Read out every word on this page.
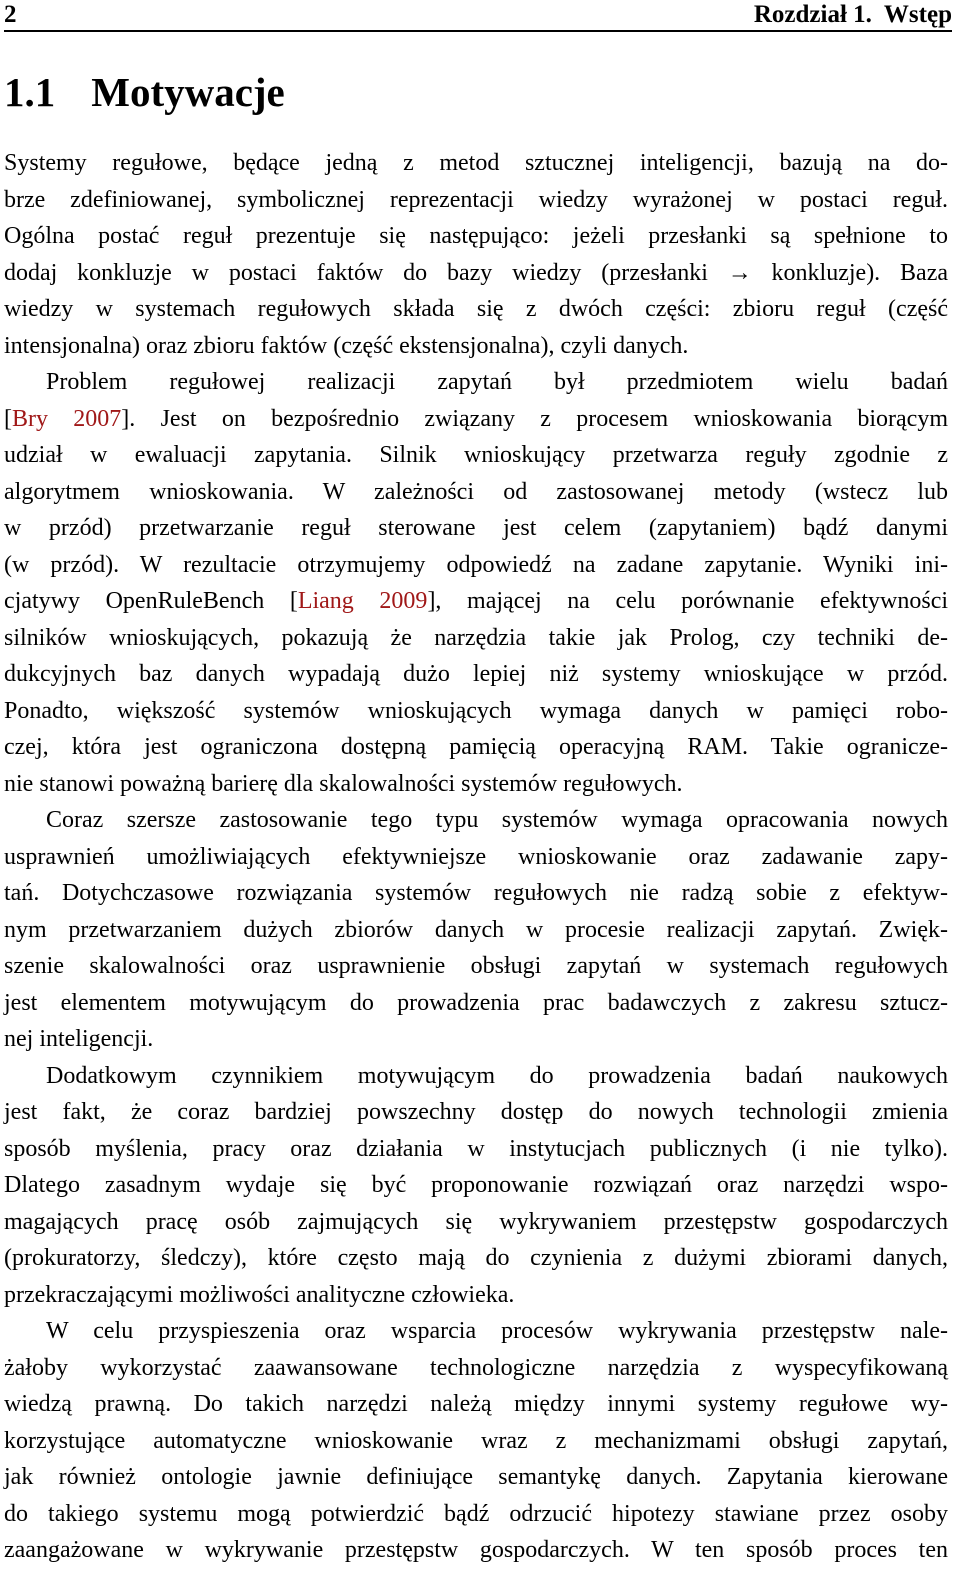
2	Rozdział 1.  Wstęp
1.1 Motywacje

Systemy regułowe, będące jedną z metod sztucznej inteligencji, bazują na do-
brze zdefiniowanej, symbolicznej reprezentacji wiedzy wyrażonej w postaci reguł.
Ogólna postać reguł prezentuje się następująco: jeżeli przesłanki są spełnione to
dodaj konkluzje w postaci faktów do bazy wiedzy (przesłanki → konkluzje). Baza
wiedzy w systemach regułowych składa się z dwóch części: zbioru reguł (część
intensjonalna) oraz zbioru faktów (część ekstensjonalna), czyli danych.

Problem regułowej realizacji zapytań był przedmiotem wielu badań
[Bry 2007]. Jest on bezpośrednio związany z procesem wnioskowania biorącym
udział w ewaluacji zapytania. Silnik wnioskujący przetwarza reguły zgodnie z
algorytmem wnioskowania. W zależności od zastosowanej metody (wstecz lub
w przód) przetwarzanie reguł sterowane jest celem (zapytaniem) bądź danymi
(w przód). W rezultacie otrzymujemy odpowiedź na zadane zapytanie. Wyniki ini-
cjatywy OpenRuleBench [Liang 2009], mającej na celu porównanie efektywności
silników wnioskujących, pokazują że narzędzia takie jak Prolog, czy techniki de-
dukcyjnych baz danych wypadają dużo lepiej niż systemy wnioskujące w przód.
Ponadto, większość systemów wnioskujących wymaga danych w pamięci robo-
czej, która jest ograniczona dostępną pamięcią operacyjną RAM. Takie ogranicze-
nie stanowi poważną barierę dla skalowalności systemów regułowych.

Coraz szersze zastosowanie tego typu systemów wymaga opracowania nowych
usprawnień umożliwiających efektywniejsze wnioskowanie oraz zadawanie zapy-
tań. Dotychczasowe rozwiązania systemów regułowych nie radzą sobie z efektyw-
nym przetwarzaniem dużych zbiorów danych w procesie realizacji zapytań. Zwięk-
szenie skalowalności oraz usprawnienie obsługi zapytań w systemach regułowych
jest elementem motywującym do prowadzenia prac badawczych z zakresu sztucz-
nej inteligencji.

Dodatkowym czynnikiem motywującym do prowadzenia badań naukowych
jest fakt, że coraz bardziej powszechny dostęp do nowych technologii zmienia
sposób myślenia, pracy oraz działania w instytucjach publicznych (i nie tylko).
Dlatego zasadnym wydaje się być proponowanie rozwiązań oraz narzędzi wspo-
magających pracę osób zajmujących się wykrywaniem przestępstw gospodarczych
(prokuratorzy, śledczy), które często mają do czynienia z dużymi zbiorami danych,
przekraczającymi możliwości analityczne człowieka.

W celu przyspieszenia oraz wsparcia procesów wykrywania przestępstw nale-
żałoby wykorzystać zaawansowane technologiczne narzędzia z wyspecyfikowaną
wiedzą prawną. Do takich narzędzi należą między innymi systemy regułowe wy-
korzystujące automatyczne wnioskowanie wraz z mechanizmami obsługi zapytań,
jak również ontologie jawnie definiujące semantykę danych. Zapytania kierowane
do takiego systemu mogą potwierdzić bądź odrzucić hipotezy stawiane przez osoby
zaangażowane w wykrywanie przestępstw gospodarczych. W ten sposób proces ten
